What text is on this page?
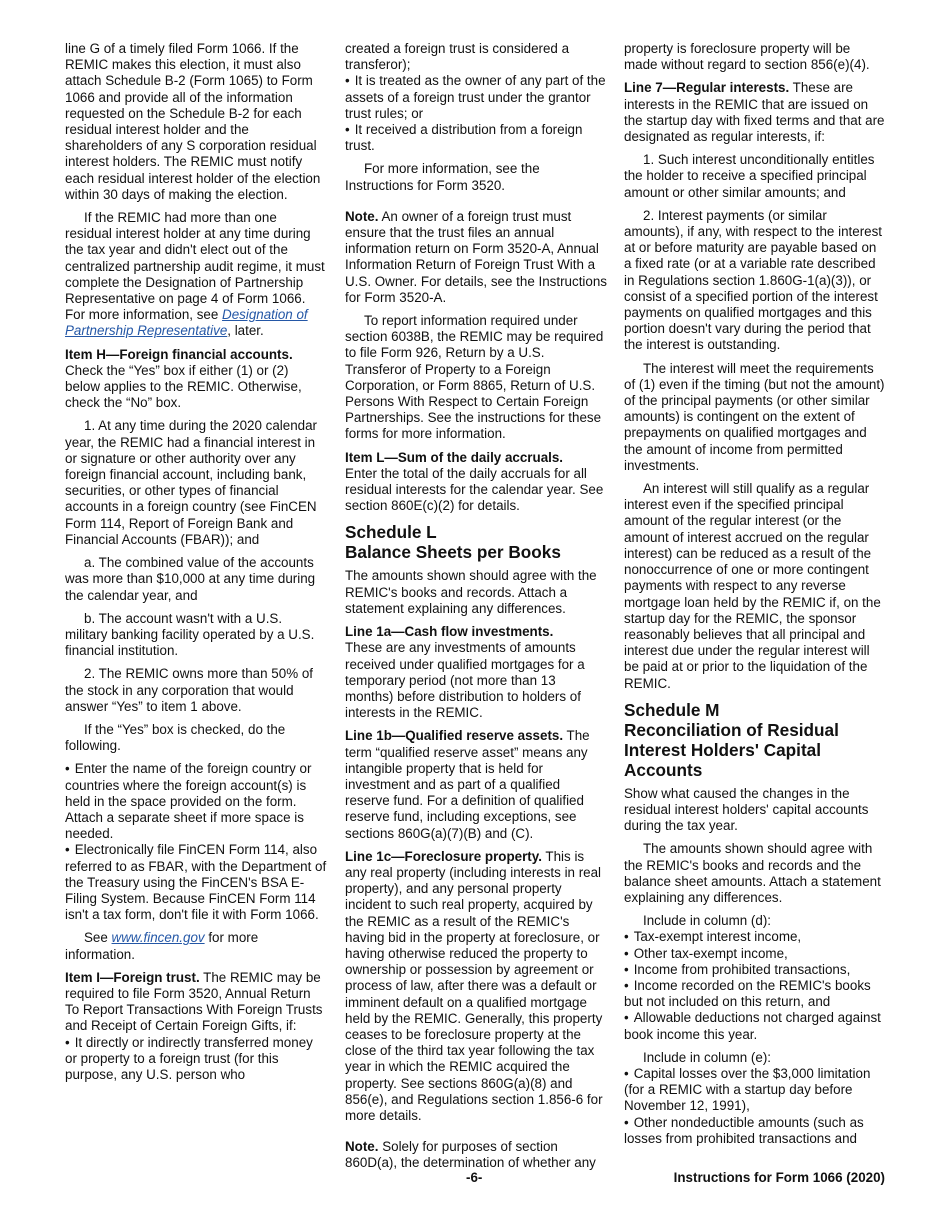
line G of a timely filed Form 1066. If the REMIC makes this election, it must also attach Schedule B-2 (Form 1065) to Form 1066 and provide all of the information requested on the Schedule B-2 for each residual interest holder and the shareholders of any S corporation residual interest holders. The REMIC must notify each residual interest holder of the election within 30 days of making the election.

If the REMIC had more than one residual interest holder at any time during the tax year and didn't elect out of the centralized partnership audit regime, it must complete the Designation of Partnership Representative on page 4 of Form 1066. For more information, see Designation of Partnership Representative, later.

Item H—Foreign financial accounts.
Check the “Yes” box if either (1) or (2) below applies to the REMIC. Otherwise, check the “No” box.

1. At any time during the 2020 calendar year, the REMIC had a financial interest in or signature or other authority over any foreign financial account, including bank, securities, or other types of financial accounts in a foreign country (see FinCEN Form 114, Report of Foreign Bank and Financial Accounts (FBAR)); and

a. The combined value of the accounts was more than $10,000 at any time during the calendar year, and

b. The account wasn't with a U.S. military banking facility operated by a U.S. financial institution.

2. The REMIC owns more than 50% of the stock in any corporation that would answer “Yes” to item 1 above.

If the “Yes” box is checked, do the following.

• Enter the name of the foreign country or countries where the foreign account(s) is held in the space provided on the form. Attach a separate sheet if more space is needed.

• Electronically file FinCEN Form 114, also referred to as FBAR, with the Department of the Treasury using the FinCEN's BSA E-Filing System. Because FinCEN Form 114 isn't a tax form, don't file it with Form 1066.

See www.fincen.gov for more information.

Item I—Foreign trust. The REMIC may be required to file Form 3520, Annual Return To Report Transactions With Foreign Trusts and Receipt of Certain Foreign Gifts, if:

• It directly or indirectly transferred money or property to a foreign trust (for this purpose, any U.S. person who

created a foreign trust is considered a transferor);

• It is treated as the owner of any part of the assets of a foreign trust under the grantor trust rules; or

• It received a distribution from a foreign trust.

For more information, see the Instructions for Form 3520.

Note. An owner of a foreign trust must ensure that the trust files an annual information return on Form 3520-A, Annual Information Return of Foreign Trust With a U.S. Owner. For details, see the Instructions for Form 3520-A.

To report information required under section 6038B, the REMIC may be required to file Form 926, Return by a U.S. Transferor of Property to a Foreign Corporation, or Form 8865, Return of U.S. Persons With Respect to Certain Foreign Partnerships. See the instructions for these forms for more information.

Item L—Sum of the daily accruals.
Enter the total of the daily accruals for all residual interests for the calendar year. See section 860E(c)(2) for details.

Schedule L
Balance Sheets per Books

The amounts shown should agree with the REMIC's books and records. Attach a statement explaining any differences.

Line 1a—Cash flow investments.
These are any investments of amounts received under qualified mortgages for a temporary period (not more than 13 months) before distribution to holders of interests in the REMIC.

Line 1b—Qualified reserve assets. The term “qualified reserve asset” means any intangible property that is held for investment and as part of a qualified reserve fund. For a definition of qualified reserve fund, including exceptions, see sections 860G(a)(7)(B) and (C).

Line 1c—Foreclosure property. This is any real property (including interests in real property), and any personal property incident to such real property, acquired by the REMIC as a result of the REMIC's having bid in the property at foreclosure, or having otherwise reduced the property to ownership or possession by agreement or process of law, after there was a default or imminent default on a qualified mortgage held by the REMIC. Generally, this property ceases to be foreclosure property at the close of the third tax year following the tax year in which the REMIC acquired the property. See sections 860G(a)(8) and 856(e), and Regulations section 1.856-6 for more details.

Note. Solely for purposes of section 860D(a), the determination of whether any

property is foreclosure property will be made without regard to section 856(e)(4).

Line 7—Regular interests. These are interests in the REMIC that are issued on the startup day with fixed terms and that are designated as regular interests, if:

1. Such interest unconditionally entitles the holder to receive a specified principal amount or other similar amounts; and

2. Interest payments (or similar amounts), if any, with respect to the interest at or before maturity are payable based on a fixed rate (or at a variable rate described in Regulations section 1.860G-1(a)(3)), or consist of a specified portion of the interest payments on qualified mortgages and this portion doesn't vary during the period that the interest is outstanding.

The interest will meet the requirements of (1) even if the timing (but not the amount) of the principal payments (or other similar amounts) is contingent on the extent of prepayments on qualified mortgages and the amount of income from permitted investments.

An interest will still qualify as a regular interest even if the specified principal amount of the regular interest (or the amount of interest accrued on the regular interest) can be reduced as a result of the nonoccurrence of one or more contingent payments with respect to any reverse mortgage loan held by the REMIC if, on the startup day for the REMIC, the sponsor reasonably believes that all principal and interest due under the regular interest will be paid at or prior to the liquidation of the REMIC.

Schedule M
Reconciliation of Residual
Interest Holders' Capital
Accounts

Show what caused the changes in the residual interest holders' capital accounts during the tax year.

The amounts shown should agree with the REMIC's books and records and the balance sheet amounts. Attach a statement explaining any differences.

Include in column (d):

• Tax-exempt interest income,

• Other tax-exempt income,

• Income from prohibited transactions,

• Income recorded on the REMIC's books but not included on this return, and

• Allowable deductions not charged against book income this year.

Include in column (e):

• Capital losses over the $3,000 limitation (for a REMIC with a startup day before November 12, 1991),

• Other nondeductible amounts (such as losses from prohibited transactions and

-6-	Instructions for Form 1066 (2020)
